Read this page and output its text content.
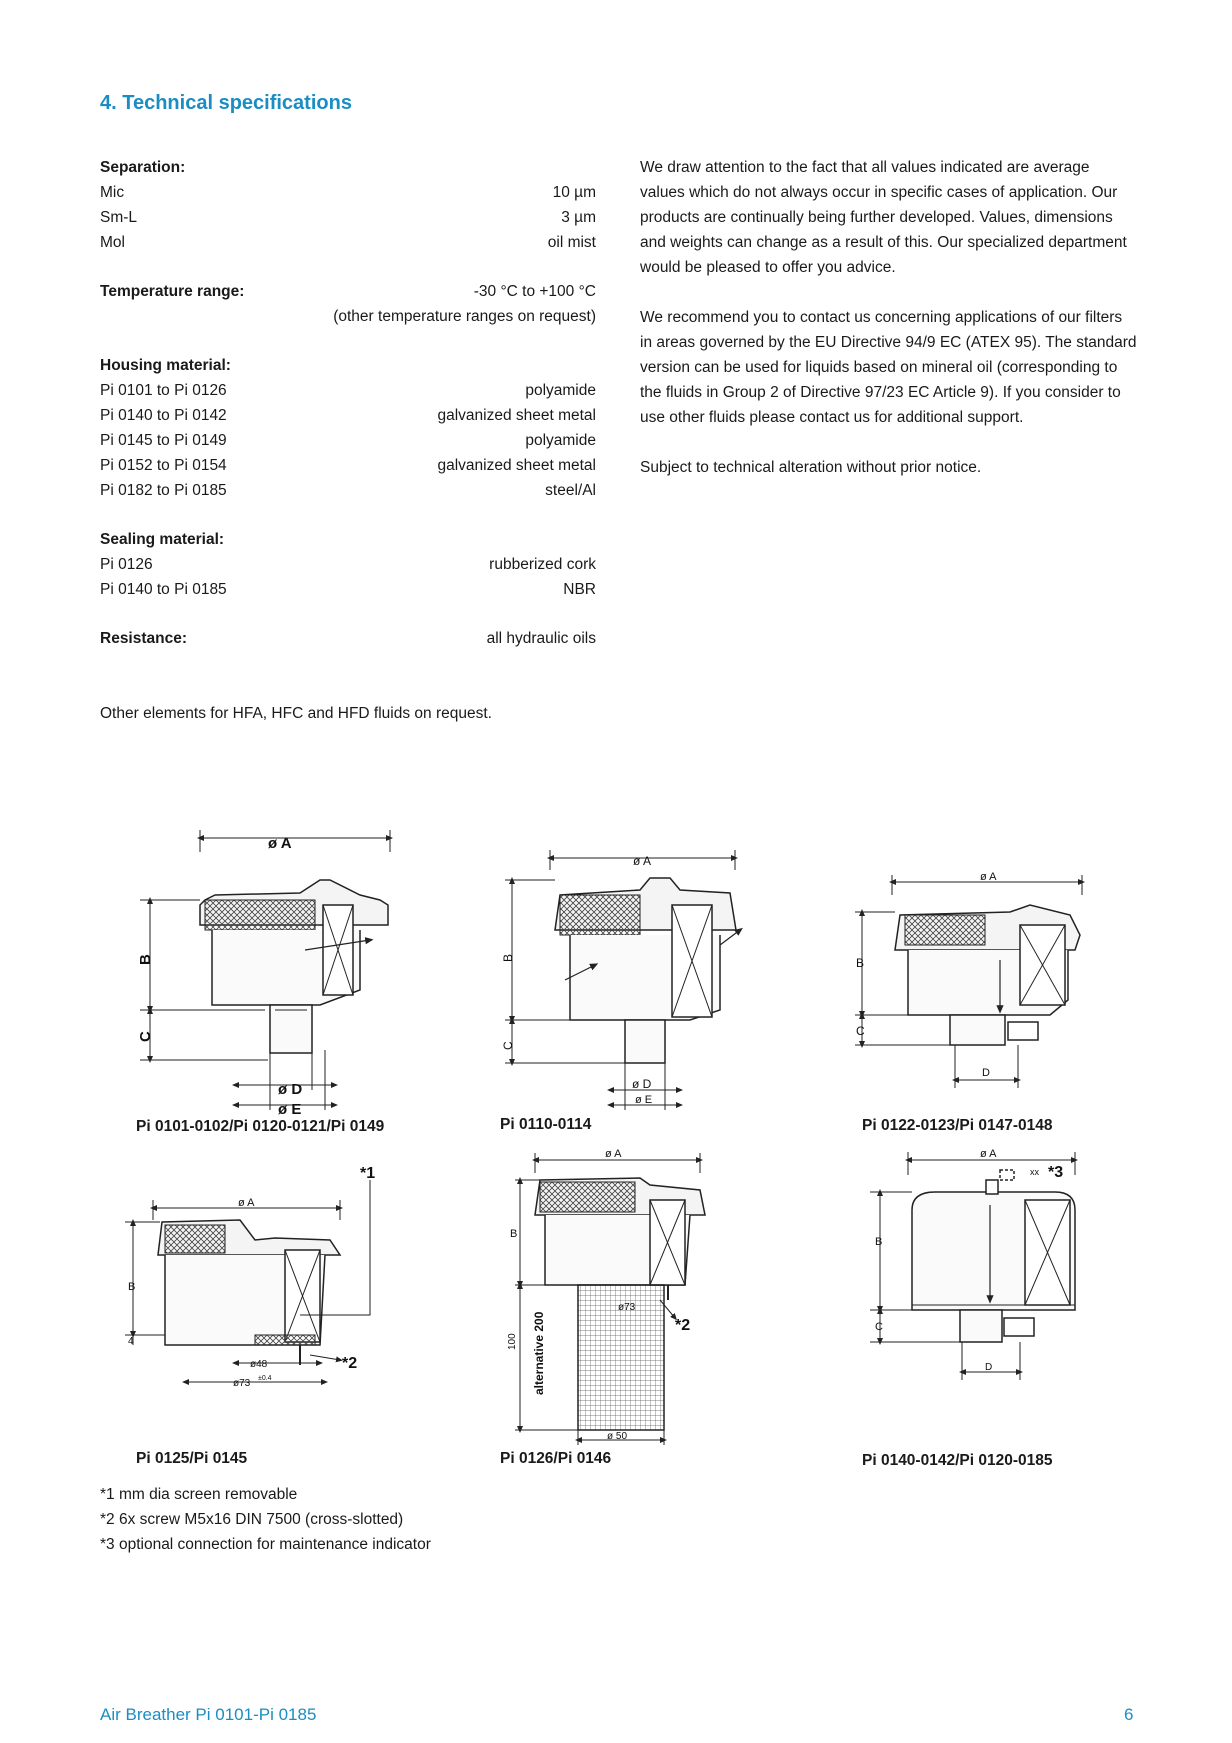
4. Technical specifications
Separation:
Mic	10 µm
Sm-L	3 µm
Mol	oil mist
Temperature range:	-30 °C to +100 °C
(other temperature ranges on request)
Housing material:
Pi 0101 to Pi 0126	polyamide
Pi 0140 to Pi 0142	galvanized sheet metal
Pi 0145 to Pi 0149	polyamide
Pi 0152 to Pi 0154	galvanized sheet metal
Pi 0182 to Pi 0185	steel/Al
Sealing material:
Pi 0126	rubberized cork
Pi 0140 to Pi 0185	NBR
Resistance:	all hydraulic oils

We draw attention to the fact that all values indicated are average values which do not always occur in specific cases of application. Our products are continually being further developed. Values, dimensions and weights can change as a result of this. Our specialized department would be pleased to offer you advice.

We recommend you to contact us concerning applications of our filters in areas governed by the EU Directive 94/9 EC (ATEX 95). The standard version can be used for liquids based on mineral oil (corresponding to the fluids in Group 2 of Directive 97/23 EC Article 9). If you consider to use other fluids please contact us for additional support.

Subject to technical alteration without prior notice.

Other elements for HFA, HFC and HFD fluids on request.
ø A
B
C
ø D
ø E
ø A
B
C
ø D
ø E
ø A
B
C
D
ø A
B
4
ø48
ø73 ±0.4
*1
*2
ø A
B
100 alternative 200
ø73
ø 50
*2
ø A
B
C
D
xx *3
Pi 0101-0102/Pi 0120-0121/Pi 0149	Pi 0110-0114	Pi 0122-0123/Pi 0147-0148
Pi 0125/Pi 0145	Pi 0126/Pi 0146	Pi 0140-0142/Pi 0120-0185
*1 mm dia screen removable
*2 6x screw M5x16 DIN 7500 (cross-slotted)
*3 optional connection for maintenance indicator
Air Breather Pi 0101-Pi 0185	6
